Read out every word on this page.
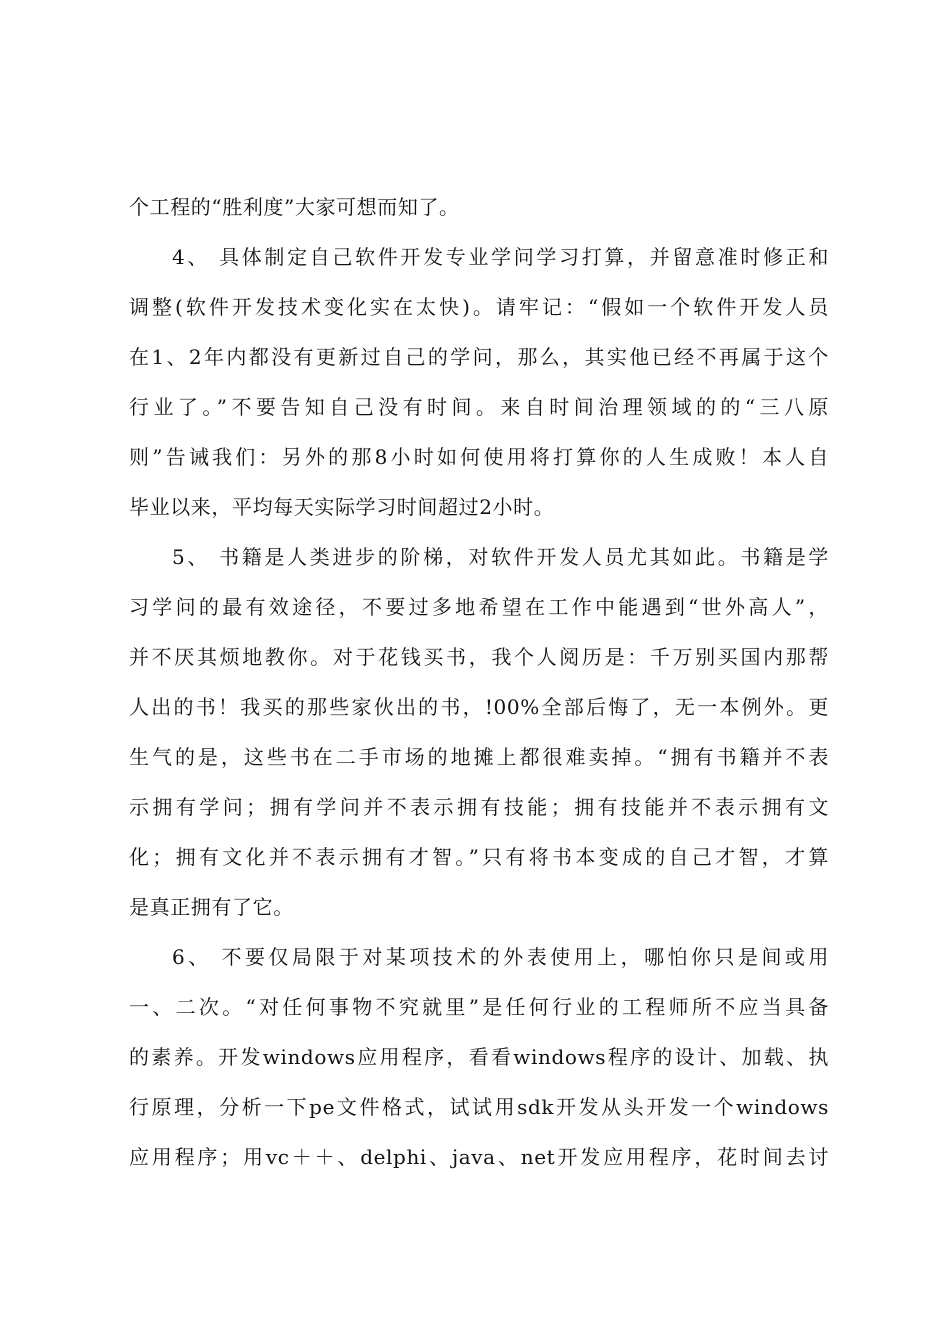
个工程的“胜利度”大家可想而知了。
4、 具体制定自己软件开发专业学问学习打算，并留意准时修正和
调整(软件开发技术变化实在太快)。请牢记：“假如一个软件开发人员
在1、2年内都没有更新过自己的学问，那么，其实他已经不再属于这个
行业了。”不要告知自己没有时间。来自时间治理领域的的“三八原
则”告诫我们：另外的那8小时如何使用将打算你的人生成败！本人自
毕业以来，平均每天实际学习时间超过2小时。
5、 书籍是人类进步的阶梯，对软件开发人员尤其如此。书籍是学
习学问的最有效途径，不要过多地希望在工作中能遇到“世外高人”，
并不厌其烦地教你。对于花钱买书，我个人阅历是：千万别买国内那帮
人出的书！我买的那些家伙出的书，!00%全部后悔了，无一本例外。更
生气的是，这些书在二手市场的地摊上都很难卖掉。“拥有书籍并不表
示拥有学问；拥有学问并不表示拥有技能；拥有技能并不表示拥有文
化；拥有文化并不表示拥有才智。”只有将书本变成的自己才智，才算
是真正拥有了它。
6、 不要仅局限于对某项技术的外表使用上，哪怕你只是间或用
一、二次。“对任何事物不究就里”是任何行业的工程师所不应当具备
的素养。开发windows应用程序，看看windows程序的设计、加载、执
行原理，分析一下pe文件格式，试试用sdk开发从头开发一个windows
应用程序；用vc＋＋、delphi、java、net开发应用程序，花时间去讨
